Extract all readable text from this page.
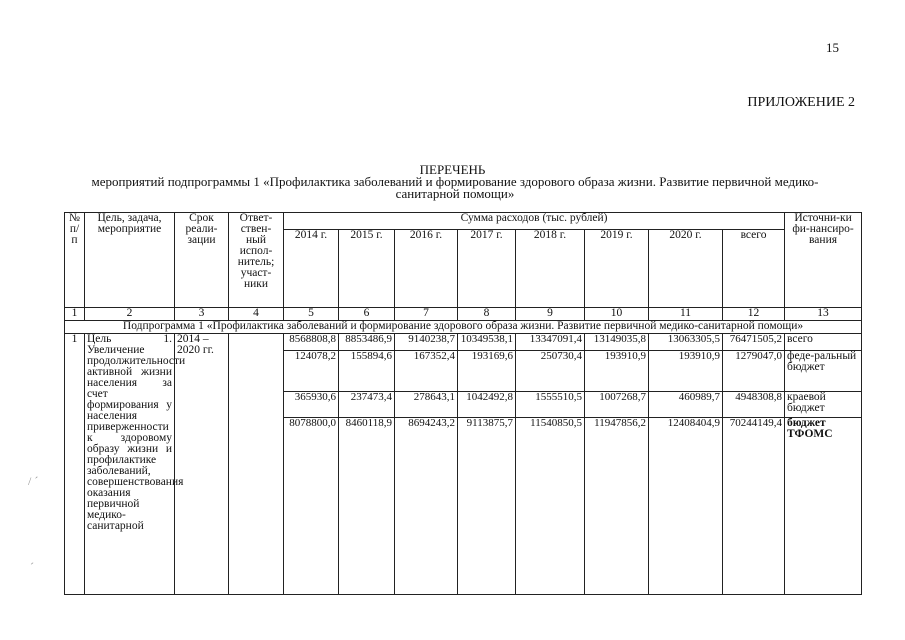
15
ПРИЛОЖЕНИЕ 2
ПЕРЕЧЕНЬ
мероприятий подпрограммы 1 «Профилактика заболеваний и формирование здорового образа жизни. Развитие первичной медико-санитарной помощи»
/ ˊ
ˊ
№ п/п	Цель, задача, мероприятие	Срок реали-зации	Ответ-ствен-ный испол-нитель; участ-ники	Сумма расходов (тыс. рублей)								Источни-ки фи-нансиро-вания
				2014 г.	2015 г.	2016 г.	2017 г.	2018 г.	2019 г.	2020 г.	всего	
1	2	3	4	5	6	7	8	9	10	11	12	13
Подпрограмма 1 «Профилактика заболеваний и формирование здорового образа жизни. Развитие первичной медико-санитарной помощи»												
1	Цель 1. Увеличение продолжительности активной жизни населения за счет формирования у населения приверженности к здоровому образу жизни и профилактике заболеваний, совершенствования оказания первичной медико-санитарной	2014 – 2020 гг.		8568808,8	8853486,9	9140238,7	10349538,1	13347091,4	13149035,8	13063305,5	76471505,2	всего
				124078,2	155894,6	167352,4	193169,6	250730,4	193910,9	193910,9	1279047,0	феде-ральный бюджет
				365930,6	237473,4	278643,1	1042492,8	1555510,5	1007268,7	460989,7	4948308,8	краевой бюджет
				8078800,0	8460118,9	8694243,2	9113875,7	11540850,5	11947856,2	12408404,9	70244149,4	бюджет ТФОМС
